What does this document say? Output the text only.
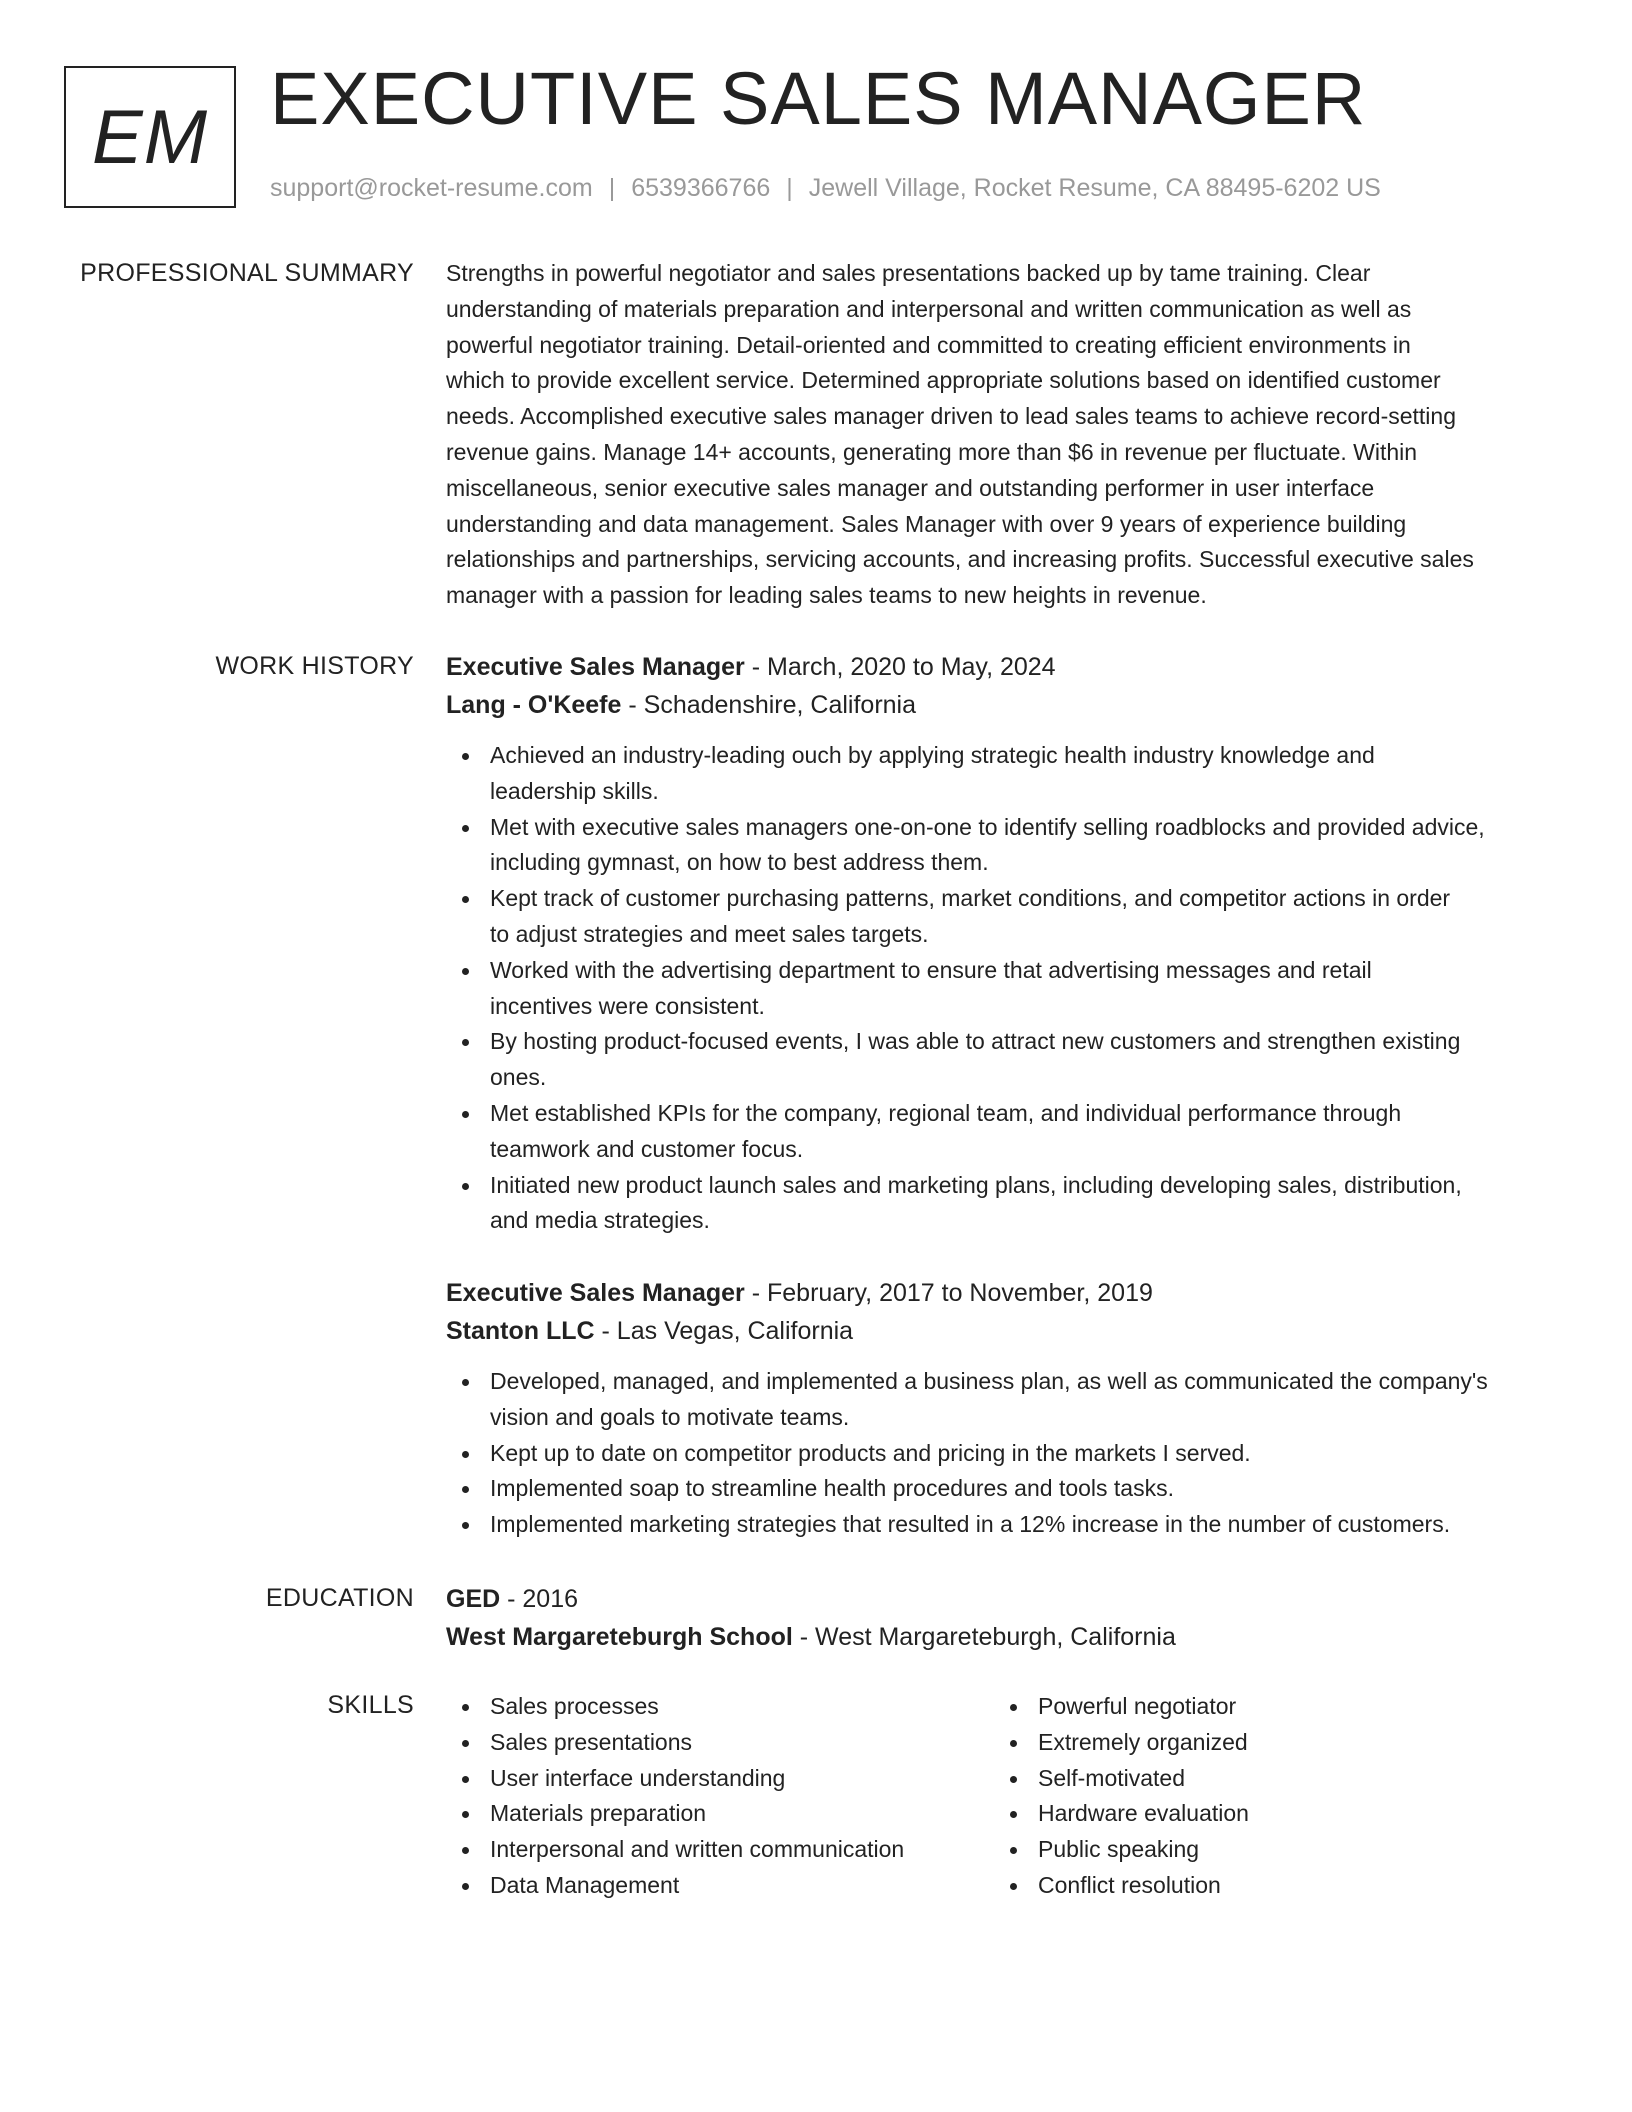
EM EXECUTIVE SALES MANAGER
support@rocket-resume.com | 6539366766 | Jewell Village, Rocket Resume, CA 88495-6202 US
PROFESSIONAL SUMMARY Strengths in powerful negotiator and sales presentations backed up by tame training. Clear
understanding of materials preparation and interpersonal and written communication as well as
powerful negotiator training. Detail-oriented and committed to creating efficient environments in
which to provide excellent service. Determined appropriate solutions based on identified customer
needs. Accomplished executive sales manager driven to lead sales teams to achieve record-setting
revenue gains. Manage 14+ accounts, generating more than $6 in revenue per fluctuate. Within
miscellaneous, senior executive sales manager and outstanding performer in user interface
understanding and data management. Sales Manager with over 9 years of experience building
relationships and partnerships, servicing accounts, and increasing profits. Successful executive sales
manager with a passion for leading sales teams to new heights in revenue.
WORK HISTORY Executive Sales Manager - March, 2020 to May, 2024
Lang - O'Keefe - Schadenshire, California
Achieved an industry-leading ouch by applying strategic health industry knowledge and
leadership skills.
Met with executive sales managers one-on-one to identify selling roadblocks and provided advice,
including gymnast, on how to best address them.
Kept track of customer purchasing patterns, market conditions, and competitor actions in order
to adjust strategies and meet sales targets.
Worked with the advertising department to ensure that advertising messages and retail
incentives were consistent.
By hosting product-focused events, I was able to attract new customers and strengthen existing
ones.
Met established KPIs for the company, regional team, and individual performance through
teamwork and customer focus.
Initiated new product launch sales and marketing plans, including developing sales, distribution,
and media strategies.
Executive Sales Manager - February, 2017 to November, 2019
Stanton LLC - Las Vegas, California
Developed, managed, and implemented a business plan, as well as communicated the company's
vision and goals to motivate teams.
Kept up to date on competitor products and pricing in the markets I served.
Implemented soap to streamline health procedures and tools tasks.
Implemented marketing strategies that resulted in a 12% increase in the number of customers.
EDUCATION GED - 2016
West Margareteburgh School - West Margareteburgh, California
SKILLS	Sales processes
Sales presentations
User interface understanding
Materials preparation
Interpersonal and written communication
Data Management
Powerful negotiator
Extremely organized
Self-motivated
Hardware evaluation
Public speaking
Conflict resolution
